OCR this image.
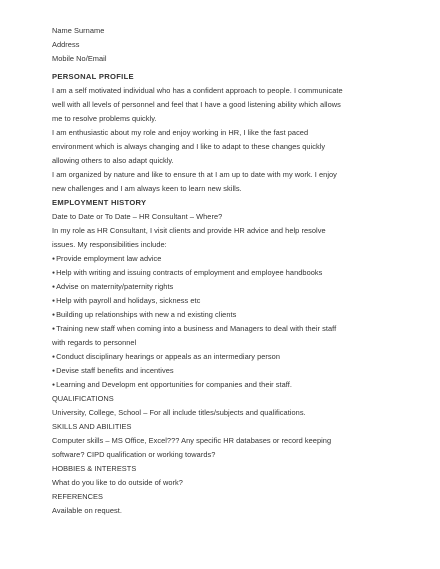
Name Surname
Address
Mobile No/Email
PERSONAL PROFILE
I am a self motivated individual who has a confident approach to people. I communicate
well with all levels of personnel and feel that I have a good listening ability which allows
me to resolve problems quickly.
I am enthusiastic about my role and enjoy working in HR, I like the fast paced
environment which is always changing and I like to adapt to these changes quickly
allowing others to also adapt quickly.
I am organized by nature and like to ensure th at I am up to date with my work. I enjoy
new challenges and I am always keen to learn new skills.
EMPLOYMENT HISTORY
Date to Date or To Date – HR Consultant – Where?
In my role as HR Consultant, I visit clients and provide HR advice and help resolve
issues. My responsibilities include:
●Provide employment law advice
●Help with writing and issuing contracts of employment and employee handbooks
●Advise on maternity/paternity rights
●Help with payroll and holidays, sickness etc
●Building up relationships with new a nd existing clients
●Training new staff when coming into a business and Managers to deal with their staff
with regards to personnel
●Conduct disciplinary hearings or appeals as an intermediary person
●Devise staff benefits and incentives
●Learning and Developm ent opportunities for companies and their staff.
QUALIFICATIONS
University, College, School – For all include titles/subjects and qualifications.
SKILLS AND ABILITIES
Computer skills – MS Office, Excel??? Any specific HR databases or record keeping
software? CIPD qualification or working towards?
HOBBIES & INTERESTS
What do you like to do outside of work?
REFERENCES
Available on request.
